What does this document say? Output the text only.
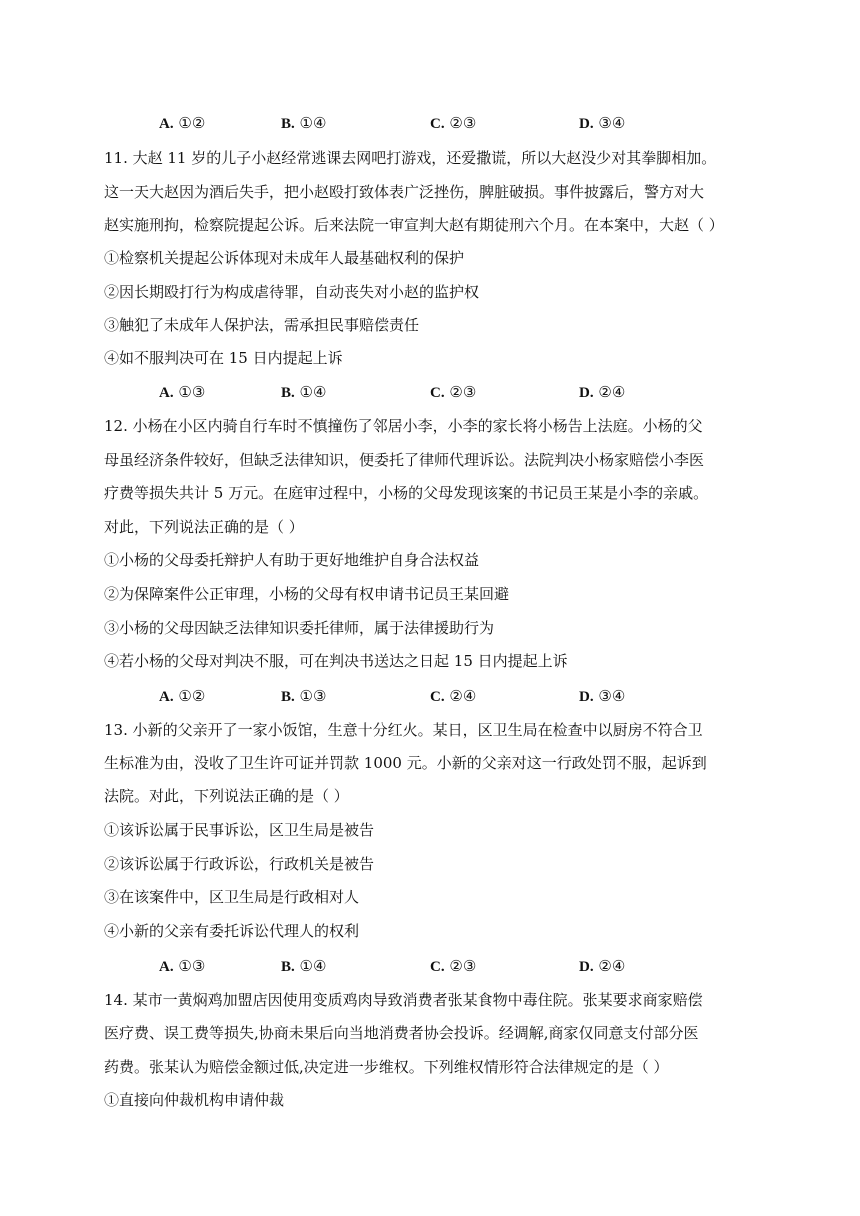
A. ①②	B. ①④	C. ②③	D. ③④
11. 大赵 11 岁的儿子小赵经常逃课去网吧打游戏，还爱撒谎，所以大赵没少对其拳脚相加。
这一天大赵因为酒后失手，把小赵殴打致体表广泛挫伤，脾脏破损。事件披露后，警方对大
赵实施刑拘，检察院提起公诉。后来法院一审宣判大赵有期徒刑六个月。在本案中，大赵（ ）
①检察机关提起公诉体现对未成年人最基础权利的保护
②因长期殴打行为构成虐待罪，自动丧失对小赵的监护权
③触犯了未成年人保护法，需承担民事赔偿责任
④如不服判决可在 15 日内提起上诉
A. ①③	B. ①④	C. ②③	D. ②④
12. 小杨在小区内骑自行车时不慎撞伤了邻居小李，小李的家长将小杨告上法庭。小杨的父
母虽经济条件较好，但缺乏法律知识，便委托了律师代理诉讼。法院判决小杨家赔偿小李医
疗费等损失共计 5 万元。在庭审过程中，小杨的父母发现该案的书记员王某是小李的亲戚。
对此，下列说法正确的是（ ）
①小杨的父母委托辩护人有助于更好地维护自身合法权益
②为保障案件公正审理，小杨的父母有权申请书记员王某回避
③小杨的父母因缺乏法律知识委托律师，属于法律援助行为
④若小杨的父母对判决不服，可在判决书送达之日起 15 日内提起上诉
A. ①②	B. ①③	C. ②④	D. ③④
13. 小新的父亲开了一家小饭馆，生意十分红火。某日，区卫生局在检查中以厨房不符合卫
生标准为由，没收了卫生许可证并罚款 1000 元。小新的父亲对这一行政处罚不服，起诉到
法院。对此，下列说法正确的是（ ）
①该诉讼属于民事诉讼，区卫生局是被告
②该诉讼属于行政诉讼，行政机关是被告
③在该案件中，区卫生局是行政相对人
④小新的父亲有委托诉讼代理人的权利
A. ①③	B. ①④	C. ②③	D. ②④
14. 某市一黄焖鸡加盟店因使用变质鸡肉导致消费者张某食物中毒住院。张某要求商家赔偿
医疗费、误工费等损失,协商未果后向当地消费者协会投诉。经调解,商家仅同意支付部分医
药费。张某认为赔偿金额过低,决定进一步维权。下列维权情形符合法律规定的是（ ）
①直接向仲裁机构申请仲裁
